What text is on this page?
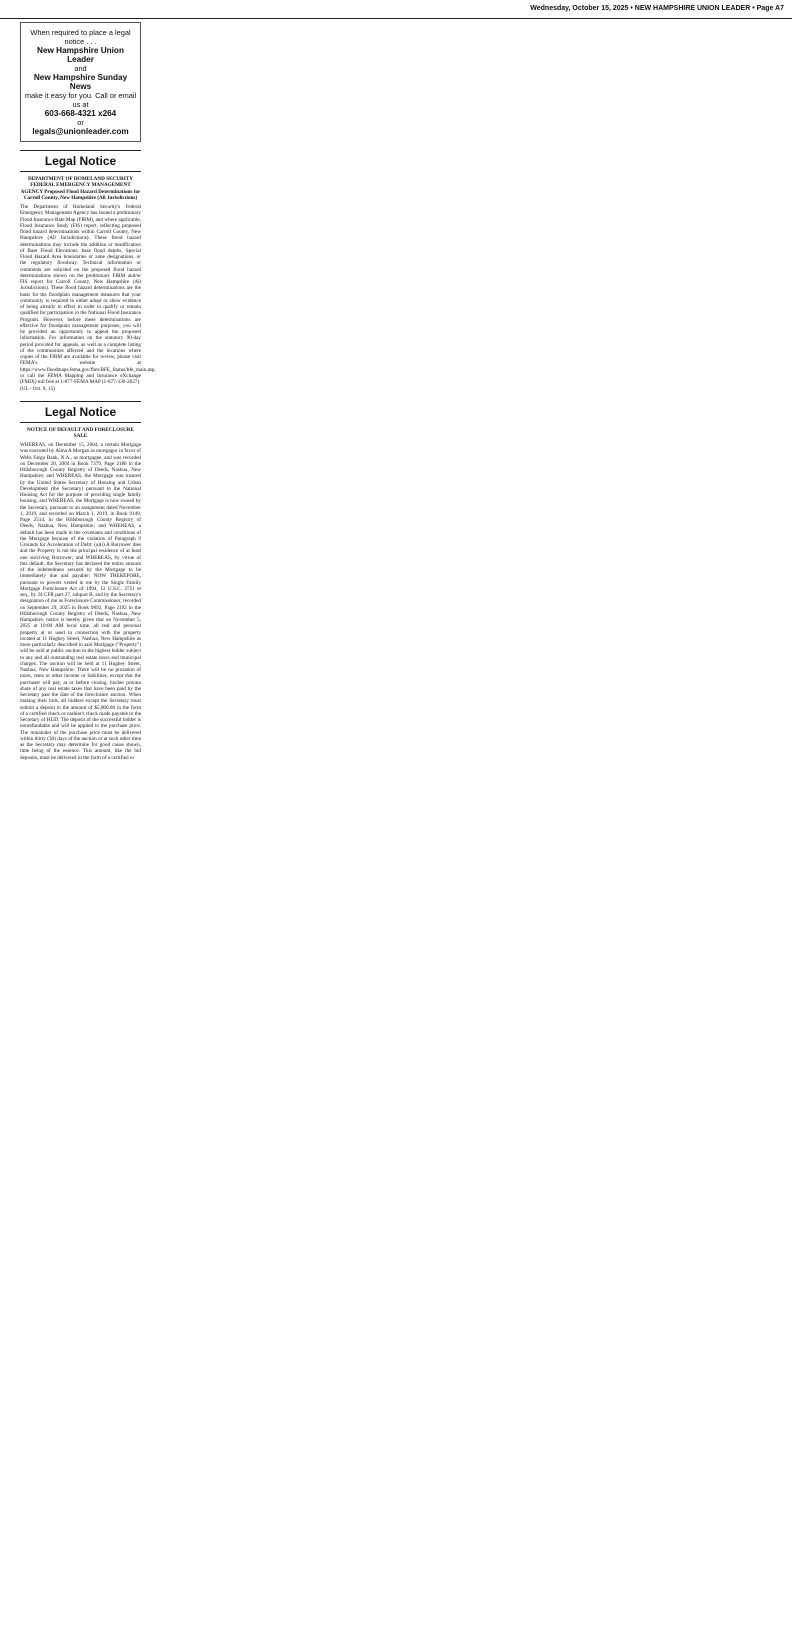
Wednesday, October 15, 2025 • NEW HAMPSHIRE UNION LEADER • Page A7
When required to place a legal notice . . .
New Hampshire Union Leader
and
New Hampshire Sunday News
make it easy for you. Call or email us at
603-668-4321 x264
or
legals@unionleader.com
Legal Notice
DEPARTMENT OF HOMELAND SECURITY FEDERAL EMERGENCY MANAGEMENT AGENCY Proposed Flood Hazard Determinations for Carroll County, New Hampshire (All Jurisdictions)

The Department of Homeland Security's Federal Emergency Management Agency has issued a preliminary Flood Insurance Rate Map (FIRM), and where applicable, Flood Insurance Study (FIS) report, reflecting proposed flood hazard determinations within Carroll County, New Hampshire (All Jurisdictions). These flood hazard determinations may include the addition or modification of Base Flood Elevations, base flood depths, Special Flood Hazard Area boundaries or zone designations, or the regulatory floodway. Technical information or comments are solicited on the proposed flood hazard determinations shown on the preliminary FIRM and/or FIS report for Carroll County, New Hampshire (All Jurisdictions). These flood hazard determinations are the basis for the floodplain management measures that your community is required to either adopt or show evidence of being already in effect in order to qualify or remain qualified for participation in the National Flood Insurance Program. However, before these determinations are effective for floodplain management purposes, you will be provided an opportunity to appeal the proposed information. For information on the statutory 90-day period provided for appeals, as well as a complete listing of the communities affected and the locations where copies of the FIRM are available for review, please visit FEMA's website at https://www.floodmaps.fema.gov/fhm/BFE_Status/bfe_main.asp, or call the FEMA Mapping and Insurance eXchange (FMIX) toll free at 1-877-FEMA MAP (1-877-336-2627).

(UL - Oct. 8, 15)

Legal Notice
NOTICE OF DEFAULT AND FORECLOSURE SALE

WHEREAS, on December 15, 2004, a certain Mortgage was executed by Alma A Morgan as mortgagor in favor of Wells Fargo Bank, N.A., as mortgagee, and was recorded on December 20, 2004 in Book 7379, Page 2180 in the Hillsborough County Registry of Deeds, Nashua, New Hampshire; and WHEREAS, the Mortgage was insured by the United States Secretary of Housing and Urban Development (the Secretary) pursuant to the National Housing Act for the purpose of providing single family housing; and WHEREAS, the Mortgage is now owned by the Secretary, pursuant to an assignment dated November 1, 2019, and recorded on March 1, 2019, in Book 9149, Page 2514, in the Hillsborough County Registry of Deeds, Nashua, New Hampshire; and WHEREAS, a default has been made in the covenants and conditions of the Mortgage because of the violation of Paragraph 9 Grounds for Acceleration of Debt: (a)(i) A Borrower dies and the Property is not the principal residence of at least one surviving Borrower; and WHEREAS, by virtue of this default, the Secretary has declared the entire amount of the indebtedness secured by the Mortgage to be immediately due and payable; NOW THEREFORE, pursuant to powers vested in me by the Single Family Mortgage Foreclosure Act of 1994, 12 U.S.C. 3751 et seq., by 24 CFR part 27, subpart B, and by the Secretary's designation of me as Foreclosure Commissioner, recorded on September 29, 2025 in Book 9892, Page 2192 in the Hillsborough County Registry of Deeds, Nashua, New Hampshire, notice is hereby given that on November 5, 2025 at 10:00 AM local time, all real and personal property at or used in connection with the property located at 11 Hughey Street, Nashua, New Hampshire as more particularly described in said Mortgage ("Property") will be sold at public auction to the highest bidder subject to any and all outstanding real estate taxes and municipal charges. The auction will be held at 11 Hughey Street, Nashua, New Hampshire. There will be no proration of taxes, rents or other income or liabilities, except that the purchaser will pay, at or before closing, his/her prorata share of any real estate taxes that have been paid by the Secretary past the date of the foreclosure auction. When making their bids, all bidders except the Secretary must submit a deposit in the amount of $5,000.00 in the form of a certified check or cashier's check made payable to the Secretary of HUD. The deposit of the successful bidder is nonrefundable and will be applied to the purchase price. The remainder of the purchase price must be delivered within thirty (30) days of the auction or at such other time as the Secretary may determine for good cause shown, time being of the essence. This amount, like the bid deposits, must be delivered in the form of a certified or
